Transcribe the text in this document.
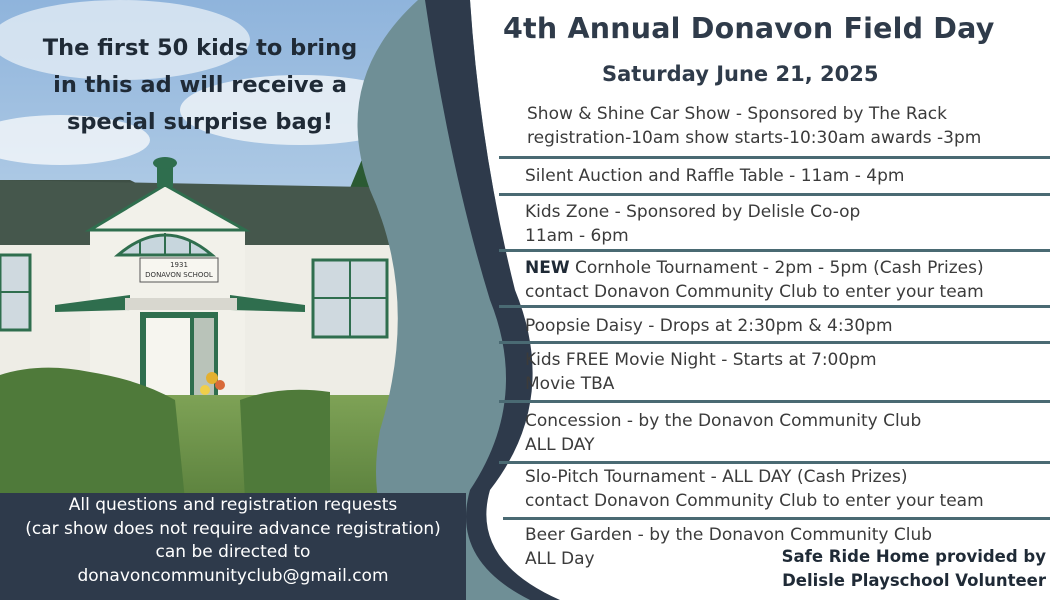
1931
DONAVON SCHOOL
The first 50 kids to bring
in this ad will receive a
special surprise bag!
All questions and registration requests
(car show does not require advance registration)
can be directed to
donavoncommunityclub@gmail.com
4th Annual Donavon Field Day
Saturday June 21, 2025
Show & Shine Car Show - Sponsored by The Rack
registration-10am show starts-10:30am awards -3pm
Silent Auction and Raffle Table - 11am - 4pm
Kids Zone - Sponsored by Delisle Co-op
11am - 6pm
NEW Cornhole Tournament - 2pm - 5pm (Cash Prizes)
contact Donavon Community Club to enter your team
Poopsie Daisy - Drops at 2:30pm & 4:30pm
Kids FREE Movie Night - Starts at 7:00pm
Movie TBA
Concession - by the Donavon Community Club
ALL DAY
Slo-Pitch Tournament - ALL DAY (Cash Prizes)
contact Donavon Community Club to enter your team
Beer Garden - by the Donavon Community Club
ALL Day	Safe Ride Home provided by
Delisle Playschool Volunteer
